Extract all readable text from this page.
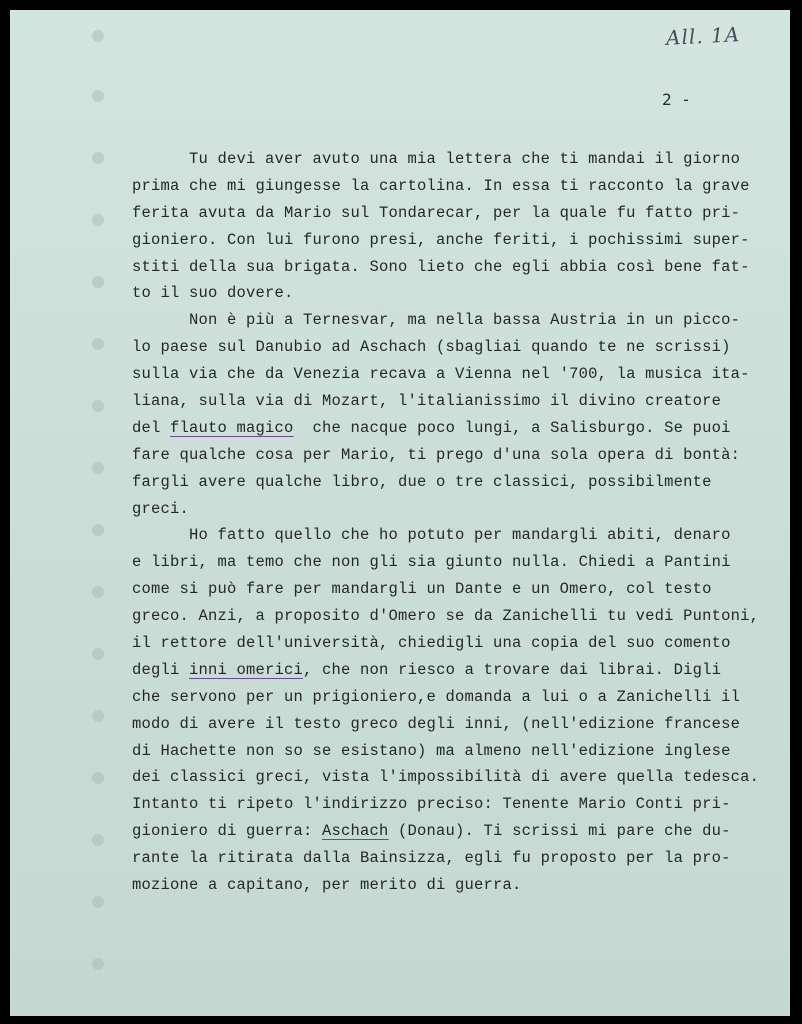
All. 1A
2 -
Tu devi aver avuto una mia lettera che ti mandai il giorno
prima che mi giungesse la cartolina. In essa ti racconto la grave
ferita avuta da Mario sul Tondarecar, per la quale fu fatto pri-
gioniero. Con lui furono presi, anche feriti, i pochissimi super-
stiti della sua brigata. Sono lieto che egli abbia così bene fat-
to il suo dovere.
Non è più a Ternesvar, ma nella bassa Austria in un picco-
lo paese sul Danubio ad Aschach (sbagliai quando te ne scrissi)
sulla via che da Venezia recava a Vienna nel '700, la musica ita-
liana, sulla via di Mozart, l'italianissimo il divino creatore
del flauto magico  che nacque poco lungi, a Salisburgo. Se puoi
fare qualche cosa per Mario, ti prego d'una sola opera di bontà:
fargli avere qualche libro, due o tre classici, possibilmente
greci.
Ho fatto quello che ho potuto per mandargli abiti, denaro
e libri, ma temo che non gli sia giunto nulla. Chiedi a Pantini
come si può fare per mandargli un Dante e un Omero, col testo
greco. Anzi, a proposito d'Omero se da Zanichelli tu vedi Puntoni,
il rettore dell'università, chiedigli una copia del suo comento
degli inni omerici, che non riesco a trovare dai librai. Digli
che servono per un prigioniero,e domanda a lui o a Zanichelli il
modo di avere il testo greco degli inni, (nell'edizione francese
di Hachette non so se esistano) ma almeno nell'edizione inglese
dei classici greci, vista l'impossibilità di avere quella tedesca.
Intanto ti ripeto l'indirizzo preciso: Tenente Mario Conti pri-
gioniero di guerra: Aschach (Donau). Ti scrissi mi pare che du-
rante la ritirata dalla Bainsizza, egli fu proposto per la pro-
mozione a capitano, per merito di guerra.
